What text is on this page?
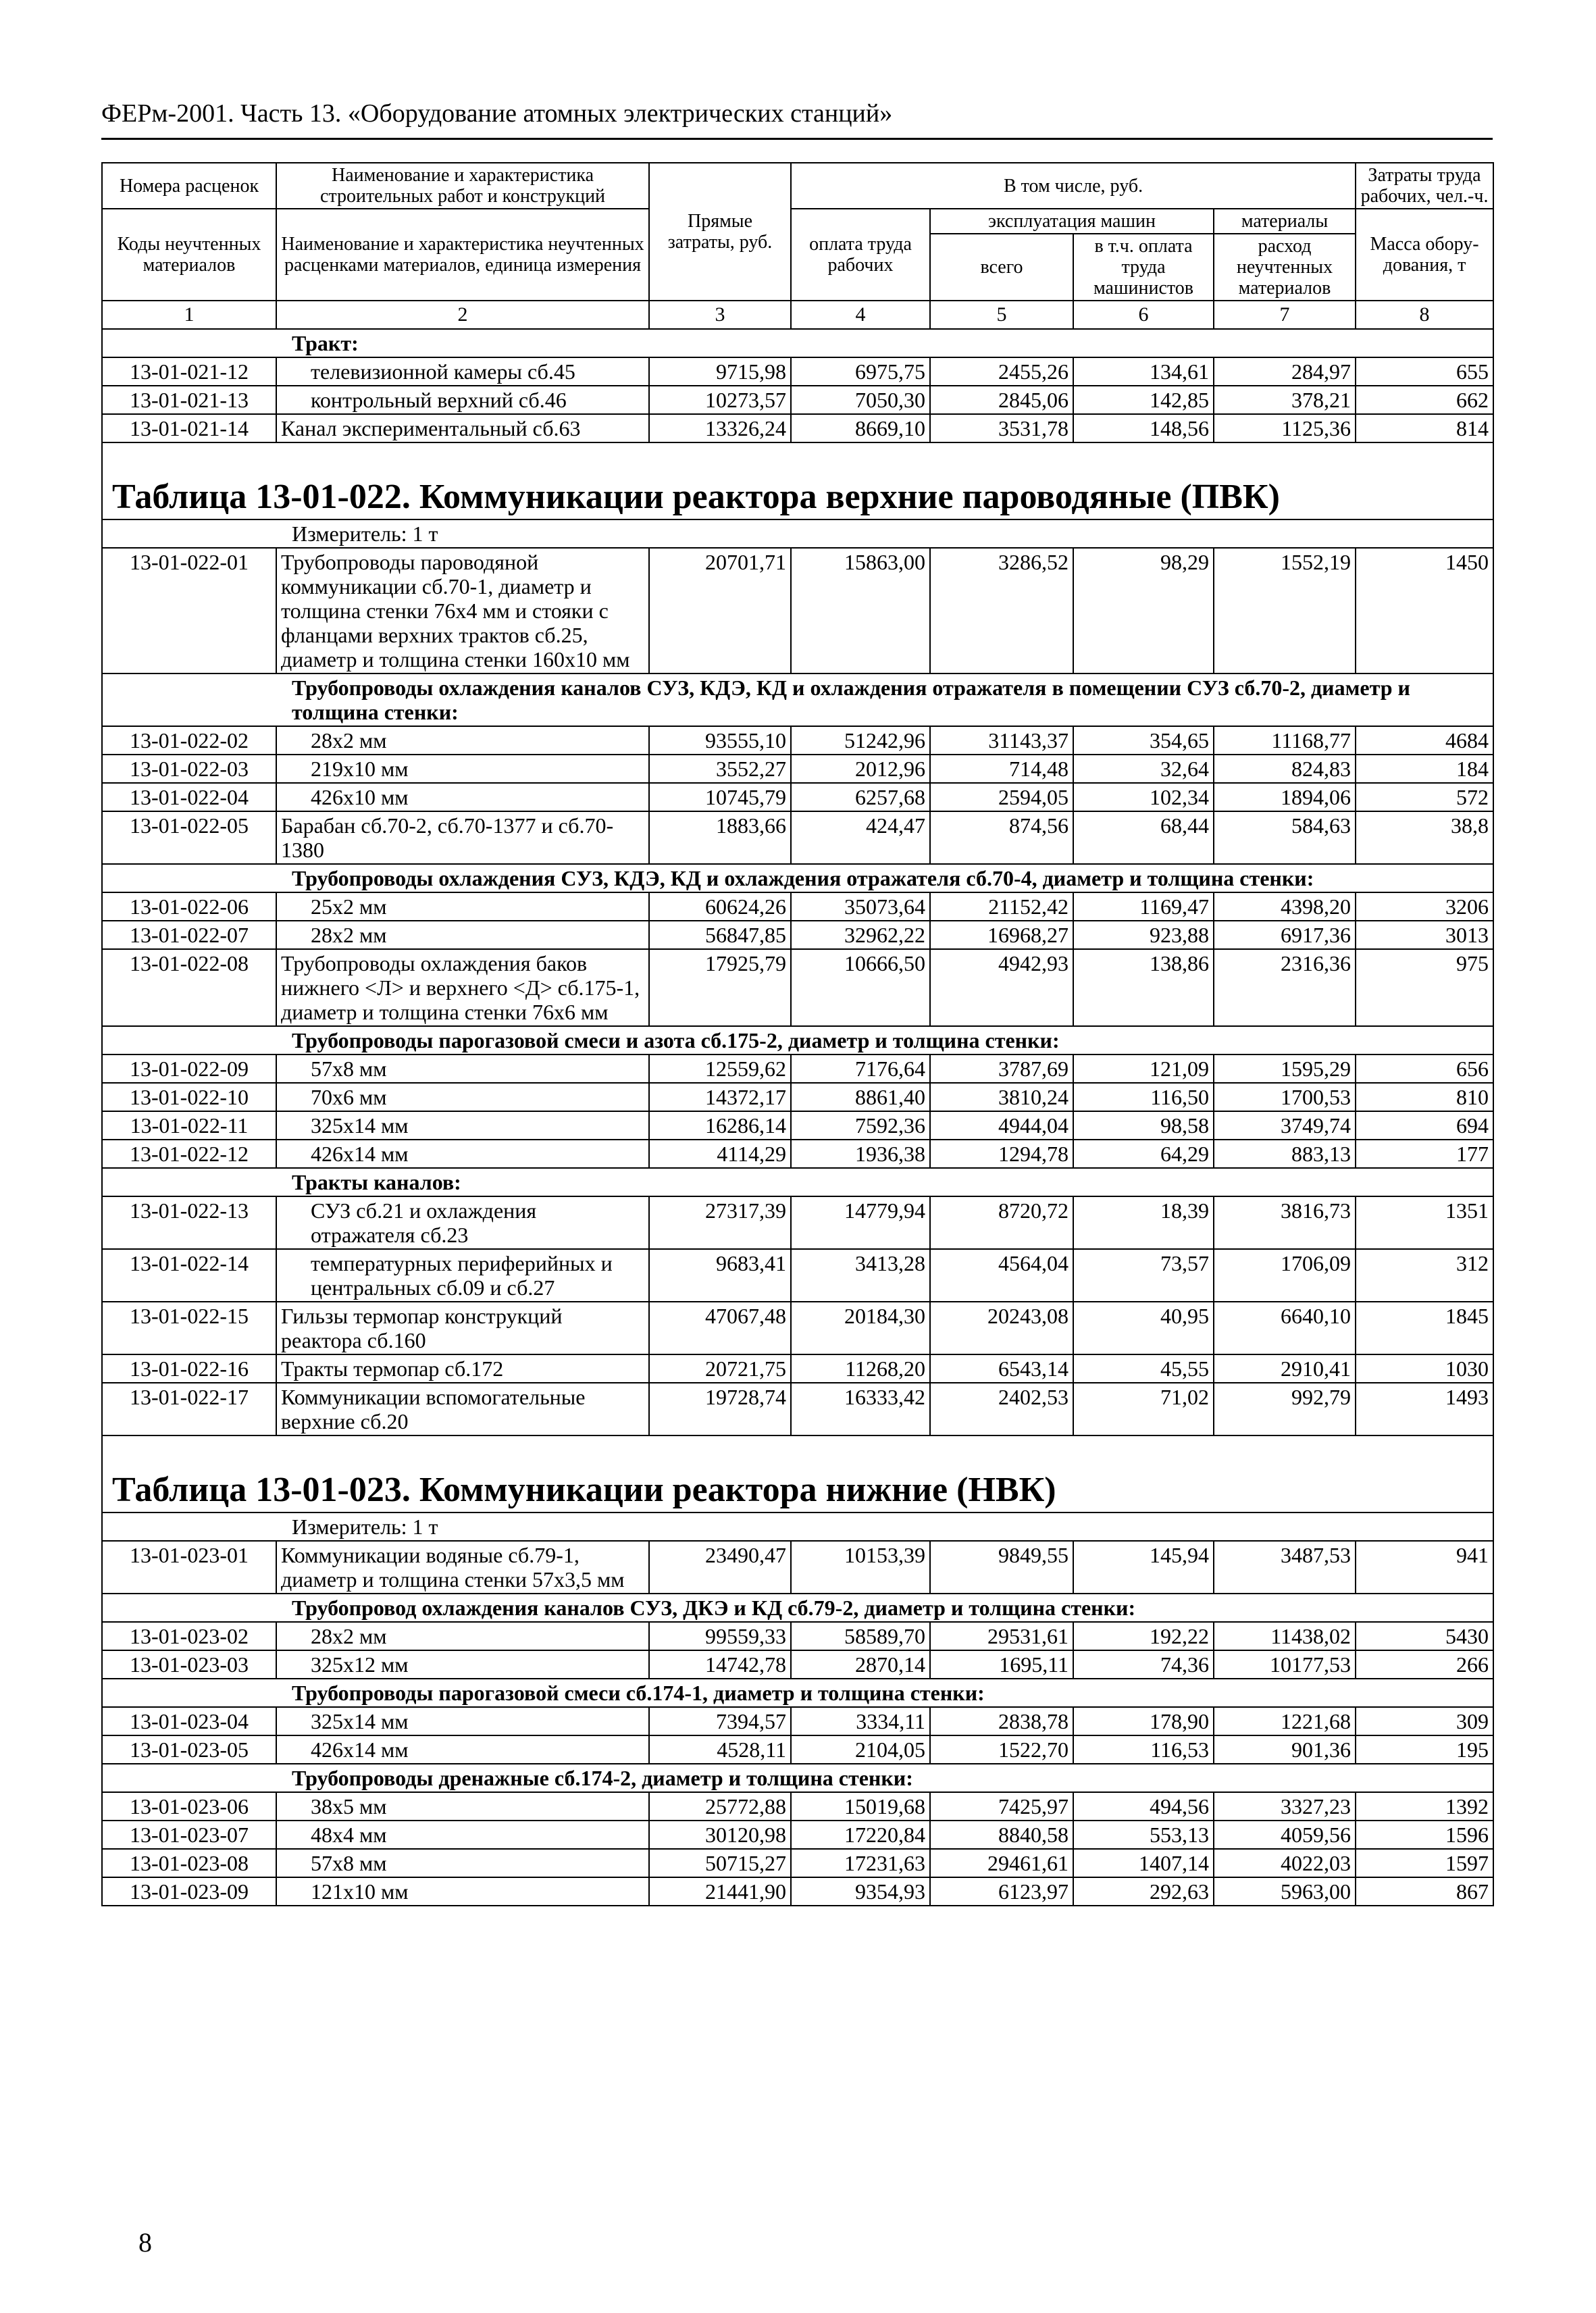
ФЕРм-2001. Часть 13. «Оборудование атомных электрических станций»
Номера расценок	Наименование и характеристика строительных работ и конструкций	Прямые затраты, руб.	В том числе, руб.				Затраты труда рабочих, чел.-ч.
Коды неучтенных материалов	Наименование и характеристика неучтенных расценками материалов, единица измерения		оплата труда рабочих	эксплуатация машин		материалы	Масса обору-дования, т
				всего	в т.ч. оплата труда машинистов	расход неучтенных материалов	
1	2	3	4	5	6	7	8
Тракт:							
13-01-021-12	телевизионной камеры сб.45	9715,98	6975,75	2455,26	134,61	284,97	655
13-01-021-13	контрольный верхний сб.46	10273,57	7050,30	2845,06	142,85	378,21	662
13-01-021-14	Канал экспериментальный сб.63	13326,24	8669,10	3531,78	148,56	1125,36	814
Таблица 13-01-022. Коммуникации реактора верхние пароводяные (ПВК)							
Измеритель: 1 т							
13-01-022-01	Трубопроводы пароводяной коммуникации сб.70-1, диаметр и толщина стенки 76х4 мм и стояки с фланцами верхних трактов сб.25, диаметр и толщина стенки 160х10 мм	20701,71	15863,00	3286,52	98,29	1552,19	1450
Трубопроводы охлаждения каналов СУЗ, КДЭ, КД и охлаждения отражателя в помещении СУЗ сб.70-2, диаметр и толщина стенки:							
13-01-022-02	28х2 мм	93555,10	51242,96	31143,37	354,65	11168,77	4684
13-01-022-03	219х10 мм	3552,27	2012,96	714,48	32,64	824,83	184
13-01-022-04	426х10 мм	10745,79	6257,68	2594,05	102,34	1894,06	572
13-01-022-05	Барабан сб.70-2, сб.70-1377 и сб.70-1380	1883,66	424,47	874,56	68,44	584,63	38,8
Трубопроводы охлаждения СУЗ, КДЭ, КД и охлаждения отражателя сб.70-4, диаметр и толщина стенки:							
13-01-022-06	25х2 мм	60624,26	35073,64	21152,42	1169,47	4398,20	3206
13-01-022-07	28х2 мм	56847,85	32962,22	16968,27	923,88	6917,36	3013
13-01-022-08	Трубопроводы охлаждения баков нижнего <Л> и верхнего <Д> сб.175-1, диаметр и толщина стенки 76х6 мм	17925,79	10666,50	4942,93	138,86	2316,36	975
Трубопроводы парогазовой смеси и азота сб.175-2, диаметр и толщина стенки:							
13-01-022-09	57х8 мм	12559,62	7176,64	3787,69	121,09	1595,29	656
13-01-022-10	70х6 мм	14372,17	8861,40	3810,24	116,50	1700,53	810
13-01-022-11	325х14 мм	16286,14	7592,36	4944,04	98,58	3749,74	694
13-01-022-12	426х14 мм	4114,29	1936,38	1294,78	64,29	883,13	177
Тракты каналов:							
13-01-022-13	СУЗ сб.21 и охлаждения отражателя сб.23	27317,39	14779,94	8720,72	18,39	3816,73	1351
13-01-022-14	температурных периферийных и центральных сб.09 и сб.27	9683,41	3413,28	4564,04	73,57	1706,09	312
13-01-022-15	Гильзы термопар конструкций реактора сб.160	47067,48	20184,30	20243,08	40,95	6640,10	1845
13-01-022-16	Тракты термопар сб.172	20721,75	11268,20	6543,14	45,55	2910,41	1030
13-01-022-17	Коммуникации вспомогательные верхние сб.20	19728,74	16333,42	2402,53	71,02	992,79	1493
Таблица 13-01-023. Коммуникации реактора нижние (НВК)							
Измеритель: 1 т							
13-01-023-01	Коммуникации водяные сб.79-1, диаметр и толщина стенки 57х3,5 мм	23490,47	10153,39	9849,55	145,94	3487,53	941
Трубопровод охлаждения каналов СУЗ, ДКЭ и КД сб.79-2, диаметр и толщина стенки:							
13-01-023-02	28х2 мм	99559,33	58589,70	29531,61	192,22	11438,02	5430
13-01-023-03	325х12 мм	14742,78	2870,14	1695,11	74,36	10177,53	266
Трубопроводы парогазовой смеси сб.174-1, диаметр и толщина стенки:							
13-01-023-04	325х14 мм	7394,57	3334,11	2838,78	178,90	1221,68	309
13-01-023-05	426х14 мм	4528,11	2104,05	1522,70	116,53	901,36	195
Трубопроводы дренажные сб.174-2, диаметр и толщина стенки:							
13-01-023-06	38х5 мм	25772,88	15019,68	7425,97	494,56	3327,23	1392
13-01-023-07	48х4 мм	30120,98	17220,84	8840,58	553,13	4059,56	1596
13-01-023-08	57х8 мм	50715,27	17231,63	29461,61	1407,14	4022,03	1597
13-01-023-09	121х10 мм	21441,90	9354,93	6123,97	292,63	5963,00	867
8
